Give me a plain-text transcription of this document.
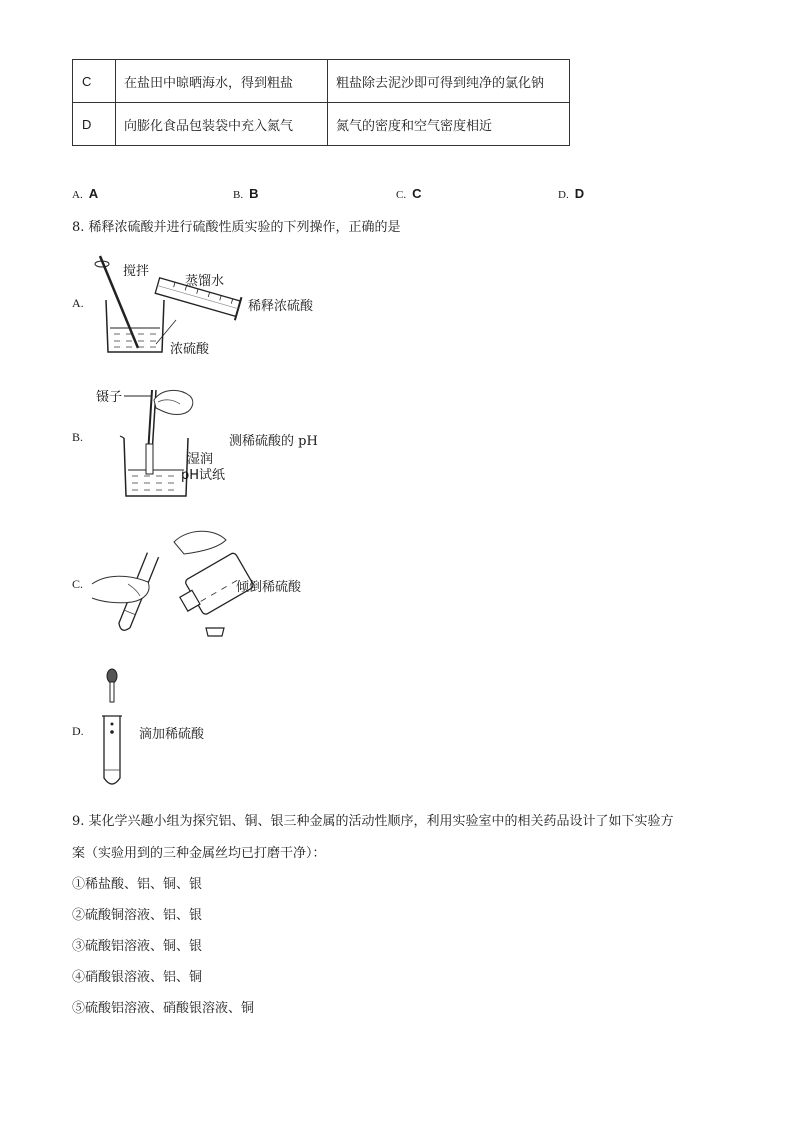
C	在盐田中晾晒海水，得到粗盐	粗盐除去泥沙即可得到纯净的氯化钠
D	向膨化食品包装袋中充入氮气	氮气的密度和空气密度相近
A. A	B. B	C. C	D. D
8. 稀释浓硫酸并进行硫酸性质实验的下列操作，正确的是
A.
搅拌
蒸馏水
浓硫酸
稀释浓硫酸
B.
镊子
湿润
pH试纸
测稀硫酸的 pH
C.	倾倒稀硫酸
D.	滴加稀硫酸
9. 某化学兴趣小组为探究铝、铜、银三种金属的活动性顺序，利用实验室中的相关药品设计了如下实验方
案（实验用到的三种金属丝均已打磨干净）：
①稀盐酸、铝、铜、银
②硫酸铜溶液、铝、银
③硫酸铝溶液、铜、银
④硝酸银溶液、铝、铜
⑤硫酸铝溶液、硝酸银溶液、铜
